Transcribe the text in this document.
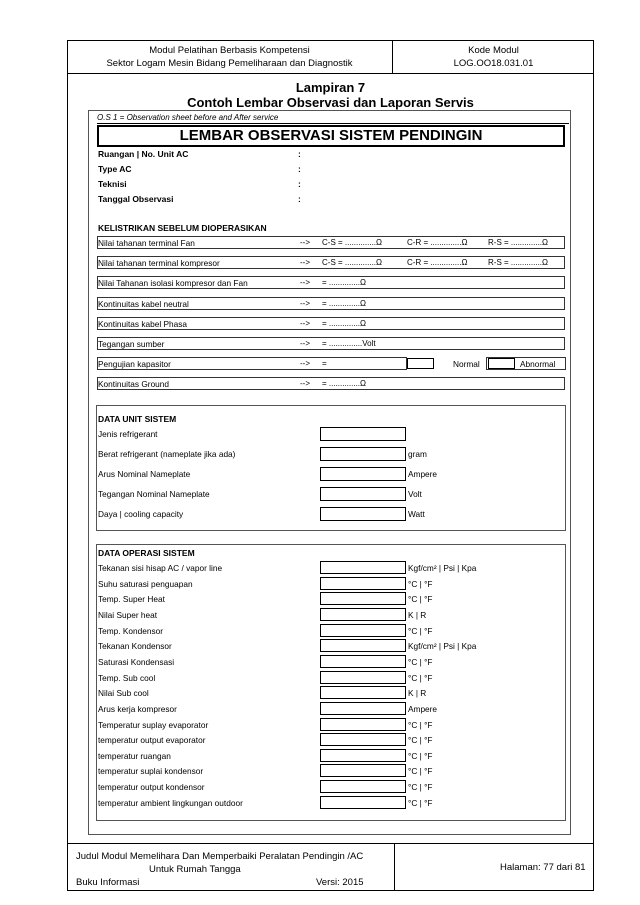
Modul Pelatihan Berbasis Kompetensi
Sektor Logam Mesin Bidang Pemeliharaan dan Diagnostik
Kode Modul
LOG.OO18.031.01
Lampiran 7
Contoh Lembar Observasi dan Laporan Servis
O.S 1 = Observation sheet before and After service
LEMBAR OBSERVASI SISTEM PENDINGIN
Ruangan | No. Unit AC	:
Type AC	:
Teknisi	:
Tanggal Observasi	:
KELISTRIKAN SEBELUM DIOPERASIKAN
Nilai tahanan terminal Fan	--> C-S = ..............Ω	C-R = ..............Ω	R-S = ..............Ω
Nilai tahanan terminal kompresor	--> C-S = ..............Ω	C-R = ..............Ω	R-S = ..............Ω
Nilai Tahanan isolasi kompresor dan Fan	--> = ..............Ω
Kontinuitas kabel neutral	--> = ..............Ω
Kontinuitas kabel Phasa	--> = ..............Ω
Tegangan sumber	--> = ...............Volt
Pengujian kapasitor	--> =	Normal	Abnormal
Kontinuitas Ground	--> = ..............Ω
DATA UNIT SISTEM
Jenis refrigerant
Berat refrigerant (nameplate jika ada)	gram
Arus Nominal Nameplate	Ampere
Tegangan Nominal Nameplate	Volt
Daya | cooling capacity	Watt
DATA OPERASI SISTEM
Tekanan sisi hisap AC / vapor line	Kgf/cm² | Psi | Kpa
Suhu saturasi penguapan	°C | °F
Temp. Super Heat	°C | °F
Nilai Super heat	K | R
Temp. Kondensor	°C | °F
Tekanan Kondensor	Kgf/cm² | Psi | Kpa
Saturasi Kondensasi	°C | °F
Temp. Sub cool	°C | °F
Nilai Sub cool	K | R
Arus kerja kompresor	Ampere
Temperatur suplay evaporator	°C | °F
temperatur output evaporator	°C | °F
temperatur ruangan	°C | °F
temperatur suplai kondensor	°C | °F
temperatur output kondensor	°C | °F
temperatur ambient lingkungan outdoor	°C | °F
Judul Modul Memelihara Dan Memperbaiki Peralatan Pendingin /AC
Untuk Rumah Tangga
Buku Informasi	Versi: 2015
Halaman: 77 dari 81
